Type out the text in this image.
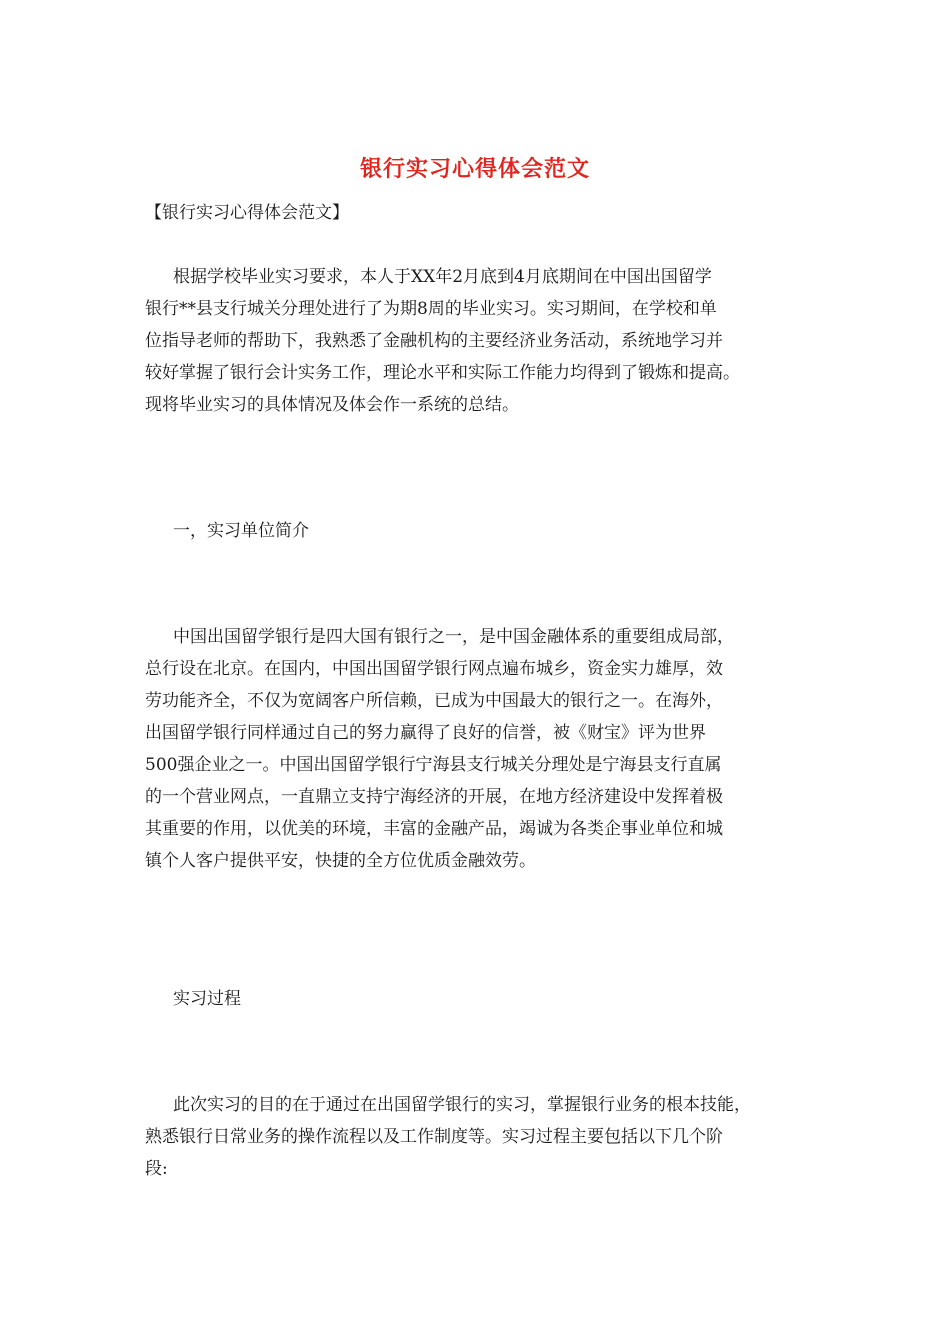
银行实习心得体会范文
【银行实习心得体会范文】
根据学校毕业实习要求，本人于XX年2月底到4月底期间在中国出国留学
银行**县支行城关分理处进行了为期8周的毕业实习。实习期间，在学校和单
位指导老师的帮助下，我熟悉了金融机构的主要经济业务活动，系统地学习并
较好掌握了银行会计实务工作，理论水平和实际工作能力均得到了锻炼和提高。
现将毕业实习的具体情况及体会作一系统的总结。
一，实习单位简介
中国出国留学银行是四大国有银行之一，是中国金融体系的重要组成局部，
总行设在北京。在国内，中国出国留学银行网点遍布城乡，资金实力雄厚，效
劳功能齐全，不仅为宽阔客户所信赖，已成为中国最大的银行之一。在海外，
出国留学银行同样通过自己的努力赢得了良好的信誉，被《财宝》评为世界
500强企业之一。中国出国留学银行宁海县支行城关分理处是宁海县支行直属
的一个营业网点，一直鼎立支持宁海经济的开展，在地方经济建设中发挥着极
其重要的作用，以优美的环境，丰富的金融产品，竭诚为各类企事业单位和城
镇个人客户提供平安，快捷的全方位优质金融效劳。
实习过程
此次实习的目的在于通过在出国留学银行的实习，掌握银行业务的根本技能，
熟悉银行日常业务的操作流程以及工作制度等。实习过程主要包括以下几个阶
段:
